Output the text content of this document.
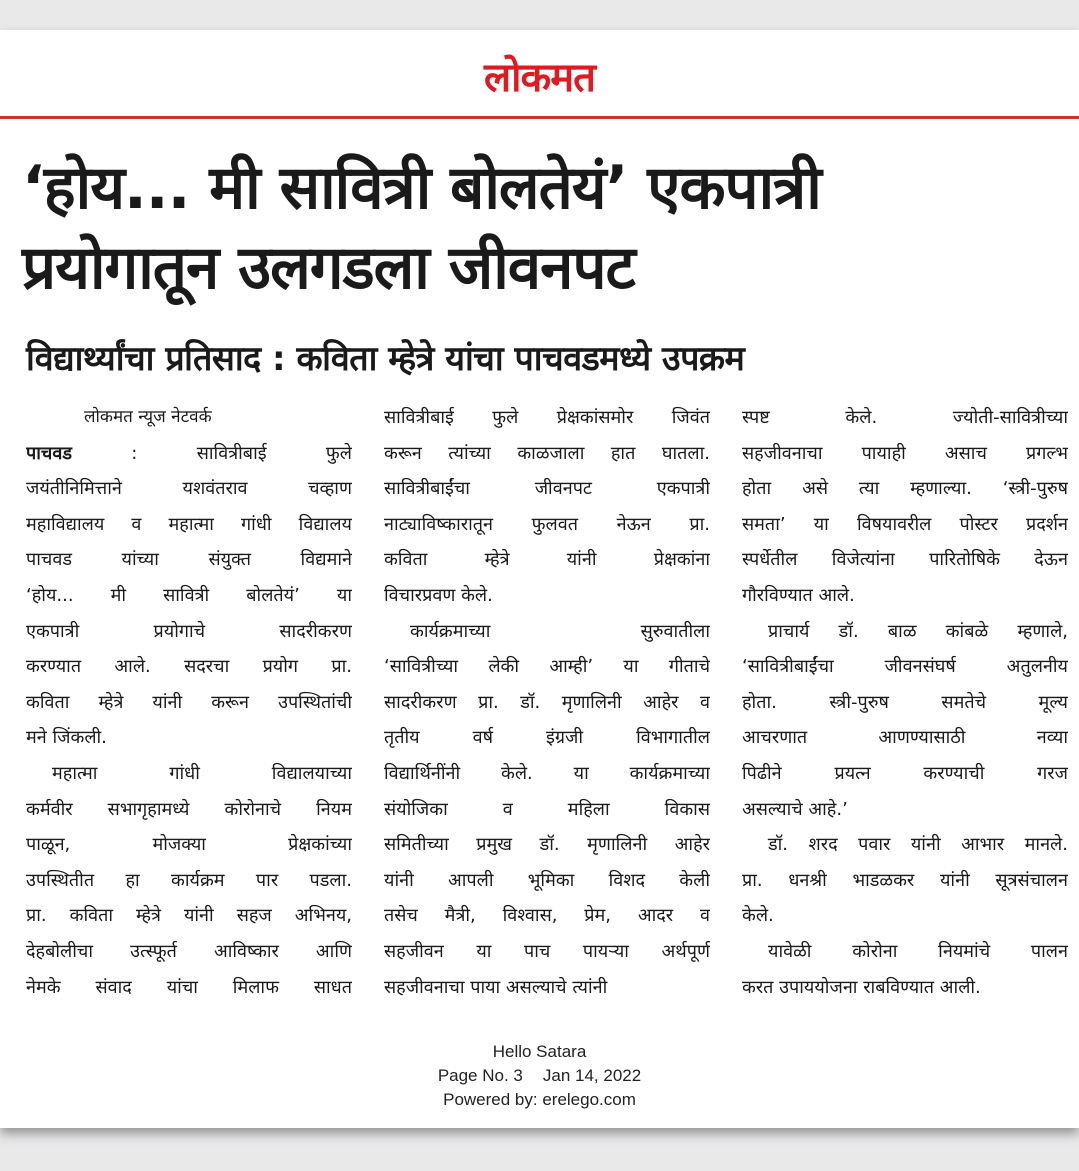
लोकमत
‘होय... मी सावित्री बोलतेयं’ एकपात्री
प्रयोगातून उलगडला जीवनपट
विद्यार्थ्यांचा प्रतिसाद : कविता म्हेत्रे यांचा पाचवडमध्ये उपक्रम

लोकमत न्यूज नेटवर्क

पाचवड : सावित्रीबाई फुले

जयंतीनिमित्ताने यशवंतराव चव्हाण

महाविद्यालय व महात्मा गांधी विद्यालय

पाचवड यांच्या संयुक्त विद्यमाने

‘होय... मी सावित्री बोलतेयं’ या

एकपात्री प्रयोगाचे सादरीकरण

करण्यात आले. सदरचा प्रयोग प्रा.

कविता म्हेत्रे यांनी करून उपस्थितांची

मने जिंकली.

महात्मा गांधी विद्यालयाच्या

कर्मवीर सभागृहामध्ये कोरोनाचे नियम

पाळून, मोजक्या प्रेक्षकांच्या

उपस्थितीत हा कार्यक्रम पार पडला.

प्रा. कविता म्हेत्रे यांनी सहज अभिनय,

देहबोलीचा उत्स्फूर्त आविष्कार आणि

नेमके संवाद यांचा मिलाफ साधत

सावित्रीबाई फुले प्रेक्षकांसमोर जिवंत

करून त्यांच्या काळजाला हात घातला.

सावित्रीबाईंचा जीवनपट एकपात्री

नाट्याविष्कारातून फुलवत नेऊन प्रा.

कविता म्हेत्रे यांनी प्रेक्षकांना

विचारप्रवण केले.

कार्यक्रमाच्या सुरुवातीला

‘सावित्रीच्या लेकी आम्ही’ या गीताचे

सादरीकरण प्रा. डॉ. मृणालिनी आहेर व

तृतीय वर्ष इंग्रजी विभागातील

विद्यार्थिनींनी केले. या कार्यक्रमाच्या

संयोजिका व महिला विकास

समितीच्या प्रमुख डॉ. मृणालिनी आहेर

यांनी आपली भूमिका विशद केली

तसेच मैत्री, विश्वास, प्रेम, आदर व

सहजीवन या पाच पायऱ्या अर्थपूर्ण

सहजीवनाचा पाया असल्याचे त्यांनी

स्पष्ट केले. ज्योती-सावित्रीच्या

सहजीवनाचा पायाही असाच प्रगल्भ

होता असे त्या म्हणाल्या. ‘स्त्री-पुरुष

समता’ या विषयावरील पोस्टर प्रदर्शन

स्पर्धेतील विजेत्यांना पारितोषिके देऊन

गौरविण्यात आले.

प्राचार्य डॉ. बाळ कांबळे म्हणाले,

‘सावित्रीबाईंचा जीवनसंघर्ष अतुलनीय

होता. स्त्री-पुरुष समतेचे मूल्य

आचरणात आणण्यासाठी नव्या

पिढीने प्रयत्न करण्याची गरज

असल्याचे आहे.’

डॉ. शरद पवार यांनी आभार मानले.

प्रा. धनश्री भाडळकर यांनी सूत्रसंचालन

केले.

यावेळी कोरोना नियमांचे पालन

करत उपाययोजना राबविण्यात आली.

Hello Satara
Page No. 3 Jan 14, 2022
Powered by: erelego.com
